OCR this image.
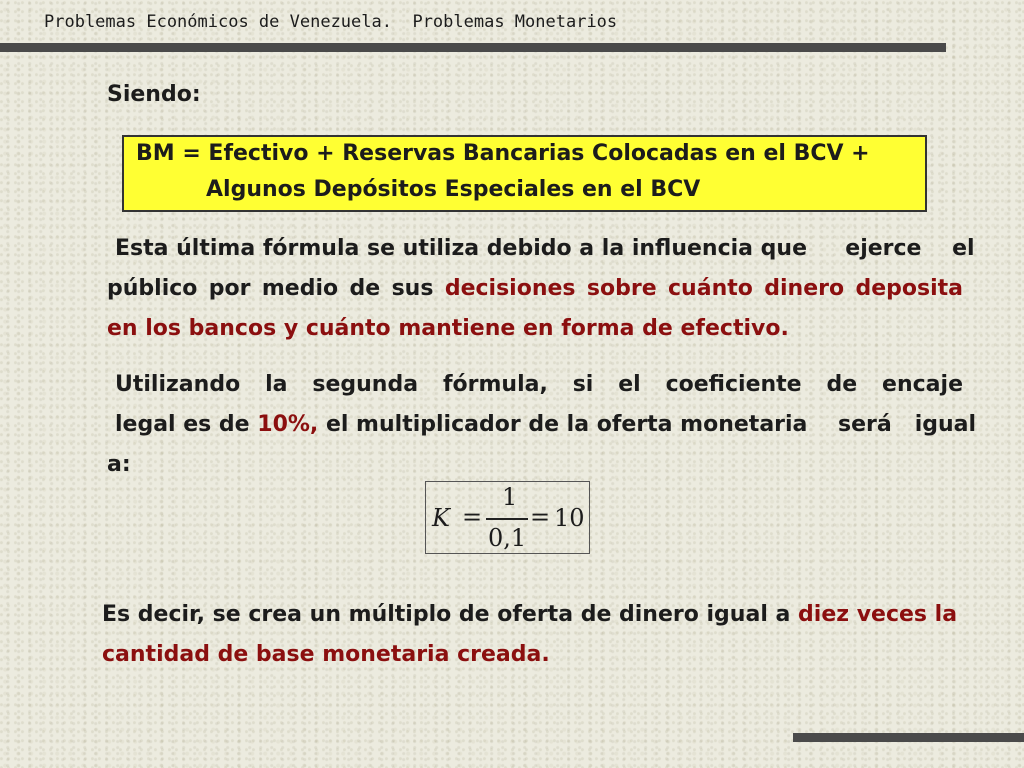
Problemas Económicos de Venezuela.  Problemas Monetarios
Siendo:
BM = Efectivo + Reservas Bancarias Colocadas en el BCV +
Algunos Depósitos Especiales en el BCV
Esta última fórmula se utiliza debido a la influencia que     ejerce    el
público por medio de sus decisiones sobre cuánto dinero deposita
en los bancos y cuánto mantiene en forma de efectivo.
Utilizando la segunda fórmula, si el coeficiente de encaje
legal es de 10%, el multiplicador de la oferta monetaria    será   igual
a:
K =
1
0,1
= 10
Es decir, se crea un múltiplo de oferta de dinero igual a diez veces la
cantidad de base monetaria creada.
